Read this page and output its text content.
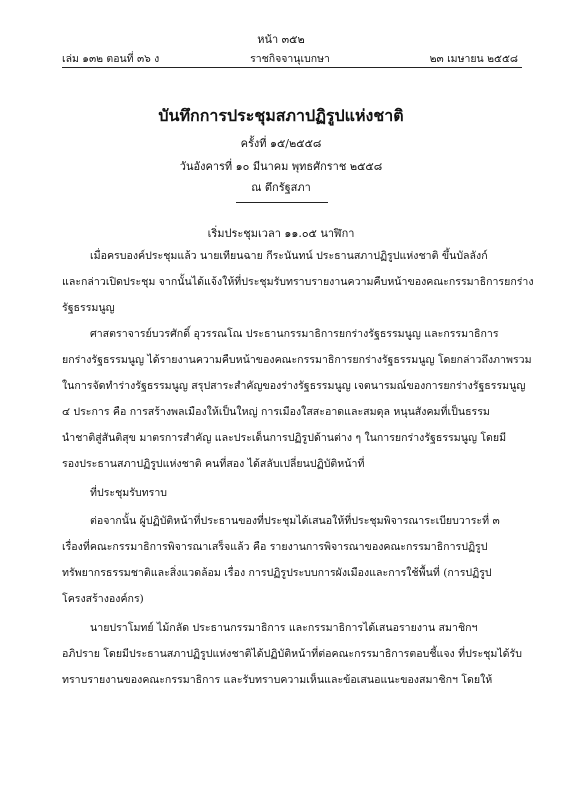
หน้า ๓๕๒
ราชกิจจานุเบกษา
เล่ม ๑๓๒ ตอนที่ ๓๖ ง	๒๓ เมษายน ๒๕๕๘
บันทึกการประชุมสภาปฏิรูปแห่งชาติ
ครั้งที่ ๑๕/๒๕๕๘
วันอังคารที่ ๑๐ มีนาคม พุทธศักราช ๒๕๕๘
ณ ตึกรัฐสภา
เริ่มประชุมเวลา ๑๑.๐๕ นาฬิกา
เมื่อครบองค์ประชุมแล้ว นายเทียนฉาย กีระนันทน์ ประธานสภาปฏิรูปแห่งชาติ ขึ้นบัลลังก์
และกล่าวเปิดประชุม จากนั้นได้แจ้งให้ที่ประชุมรับทราบรายงานความคืบหน้าของคณะกรรมาธิการยกร่าง
รัฐธรรมนูญ
ศาสตราจารย์บวรศักดิ์ อุวรรณโณ ประธานกรรมาธิการยกร่างรัฐธรรมนูญ และกรรมาธิการ
ยกร่างรัฐธรรมนูญ ได้รายงานความคืบหน้าของคณะกรรมาธิการยกร่างรัฐธรรมนูญ โดยกล่าวถึงภาพรวม
ในการจัดทำร่างรัฐธรรมนูญ สรุปสาระสำคัญของร่างรัฐธรรมนูญ เจตนารมณ์ของการยกร่างรัฐธรรมนูญ
๔ ประการ คือ การสร้างพลเมืองให้เป็นใหญ่ การเมืองใสสะอาดและสมดุล หนุนสังคมที่เป็นธรรม
นำชาติสู่สันติสุข มาตรการสำคัญ และประเด็นการปฏิรูปด้านต่าง ๆ ในการยกร่างรัฐธรรมนูญ โดยมี
รองประธานสภาปฏิรูปแห่งชาติ คนที่สอง ได้สลับเปลี่ยนปฏิบัติหน้าที่
ที่ประชุมรับทราบ
ต่อจากนั้น ผู้ปฏิบัติหน้าที่ประธานของที่ประชุมได้เสนอให้ที่ประชุมพิจารณาระเบียบวาระที่ ๓
เรื่องที่คณะกรรมาธิการพิจารณาเสร็จแล้ว คือ รายงานการพิจารณาของคณะกรรมาธิการปฏิรูป
ทรัพยากรธรรมชาติและสิ่งแวดล้อม เรื่อง การปฏิรูประบบการผังเมืองและการใช้พื้นที่ (การปฏิรูป
โครงสร้างองค์กร)
นายปราโมทย์ ไม้กลัด ประธานกรรมาธิการ และกรรมาธิการได้เสนอรายงาน สมาชิกฯ
อภิปราย โดยมีประธานสภาปฏิรูปแห่งชาติได้ปฏิบัติหน้าที่ต่อคณะกรรมาธิการตอบชี้แจง ที่ประชุมได้รับ
ทราบรายงานของคณะกรรมาธิการ และรับทราบความเห็นและข้อเสนอแนะของสมาชิกฯ โดยให้
